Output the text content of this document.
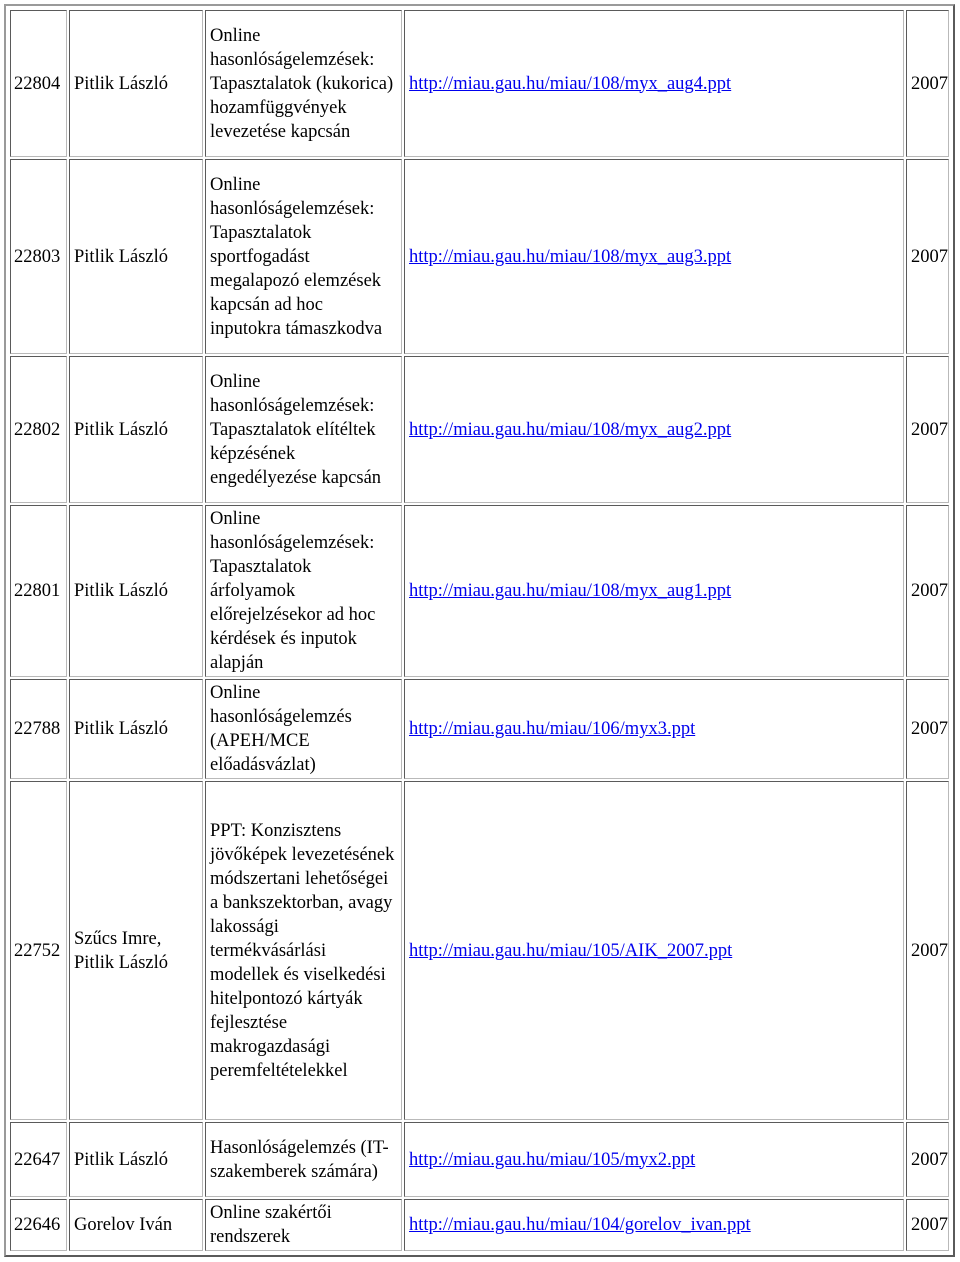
22804	Pitlik László	Online hasonlóságelemzések: Tapasztalatok (kukorica) hozamfüggvények levezetése kapcsán	http://miau.gau.hu/miau/108/myx_aug4.ppt	2007
22803	Pitlik László	Online hasonlóságelemzések: Tapasztalatok sportfogadást megalapozó elemzések kapcsán ad hoc inputokra támaszkodva	http://miau.gau.hu/miau/108/myx_aug3.ppt	2007
22802	Pitlik László	Online hasonlóságelemzések: Tapasztalatok elítéltek képzésének engedélyezése kapcsán	http://miau.gau.hu/miau/108/myx_aug2.ppt	2007
22801	Pitlik László	Online hasonlóságelemzések: Tapasztalatok árfolyamok előrejelzésekor ad hoc kérdések és inputok alapján	http://miau.gau.hu/miau/108/myx_aug1.ppt	2007
22788	Pitlik László	Online hasonlóságelemzés (APEH/MCE előadásvázlat)	http://miau.gau.hu/miau/106/myx3.ppt	2007
22752	Szűcs Imre, Pitlik László	PPT: Konzisztens jövőképek levezetésének módszertani lehetőségei a bankszektorban, avagy lakossági termékvásárlási modellek és viselkedési hitelpontozó kártyák fejlesztése makrogazdasági peremfeltételekkel	http://miau.gau.hu/miau/105/AIK_2007.ppt	2007
22647	Pitlik László	Hasonlóságelemzés (IT-szakemberek számára)	http://miau.gau.hu/miau/105/myx2.ppt	2007
22646	Gorelov Iván	Online szakértői rendszerek	http://miau.gau.hu/miau/104/gorelov_ivan.ppt	2007
